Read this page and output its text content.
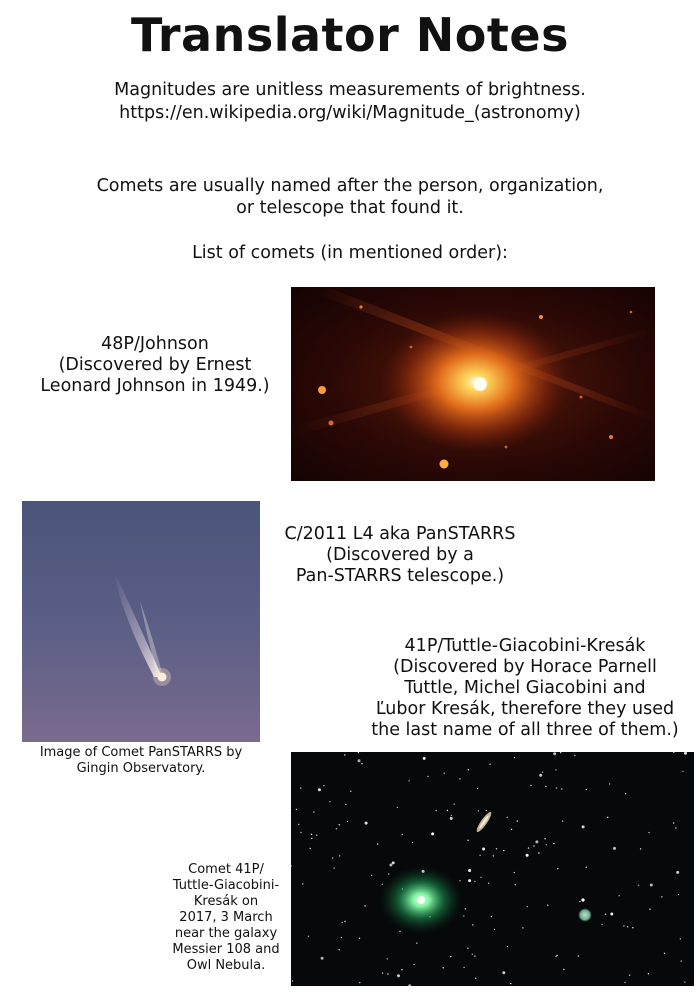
Translator Notes
Magnitudes are unitless measurements of brightness.
https://en.wikipedia.org/wiki/Magnitude_(astronomy)
Comets are usually named after the person, organization,
or telescope that found it.
List of comets (in mentioned order):
48P/Johnson
(Discovered by Ernest
Leonard Johnson in 1949.)
Image of Comet PanSTARRS by
Gingin Observatory.
C/2011 L4 aka PanSTARRS
(Discovered by a
Pan-STARRS telescope.)
41P/Tuttle-Giacobini-Kresák
(Discovered by Horace Parnell
Tuttle, Michel Giacobini and
Ľubor Kresák, therefore they used
the last name of all three of them.)
Comet 41P/
Tuttle-Giacobini-
Kresák on
2017, 3 March
near the galaxy
Messier 108 and
Owl Nebula.
